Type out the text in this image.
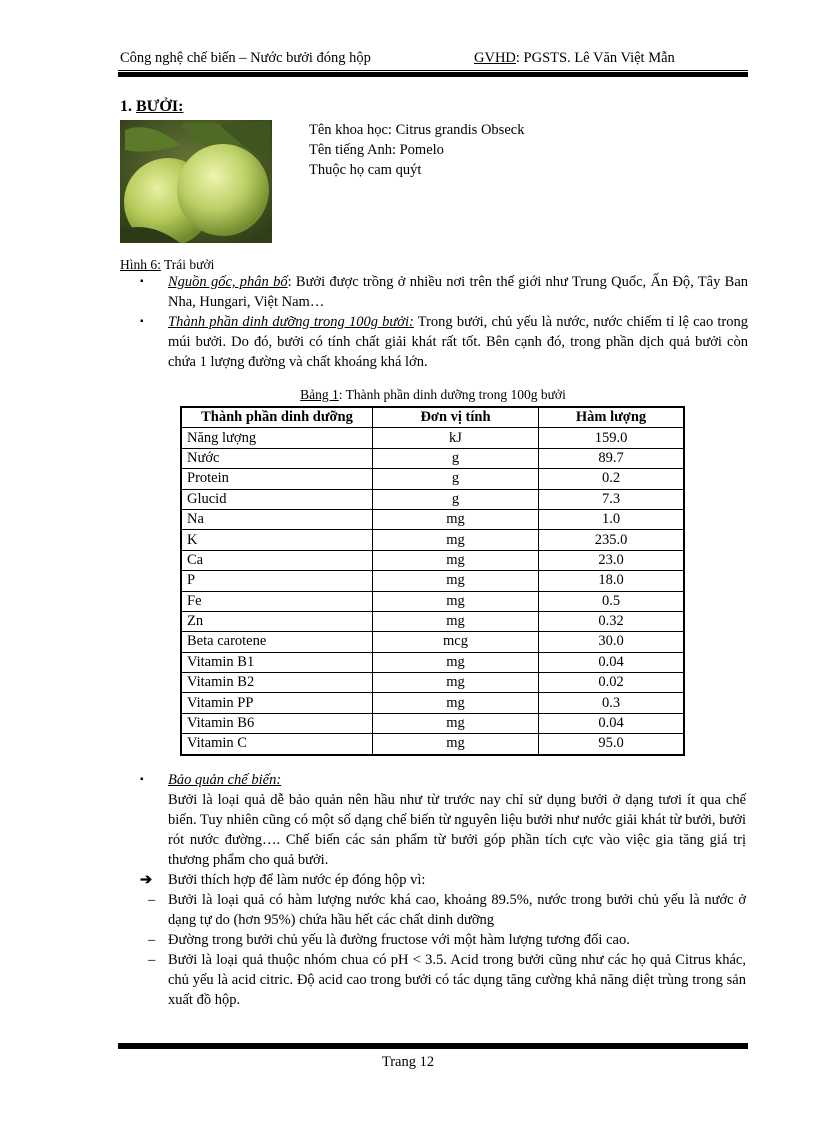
Công nghệ chế biến – Nước bưởi đóng hộp	GVHD: PGSTS. Lê Văn Việt Mẫn
1. BƯỞI:
Tên khoa học: Citrus grandis Obseck
Tên tiếng Anh: Pomelo
Thuộc họ cam quýt
Hình 6: Trái bưởi
▪ Nguồn gốc, phân bố: Bưởi được trồng ở nhiều nơi trên thế giới như Trung Quốc, Ấn Độ, Tây Ban Nha, Hungari, Việt Nam…
▪ Thành phần dinh dưỡng trong 100g bưởi: Trong bưởi, chủ yếu là nước, nước chiếm tỉ lệ cao trong múi bưởi. Do đó, bưởi có tính chất giải khát rất tốt. Bên cạnh đó, trong phần dịch quả bưởi còn chứa 1 lượng đường và chất khoáng khá lớn.
Bảng 1: Thành phần dinh dưỡng trong 100g bưởi
Thành phần dinh dưỡng	Đơn vị tính	Hàm lượng
Năng lượng	kJ	159.0
Nước	g	89.7
Protein	g	0.2
Glucid	g	7.3
Na	mg	1.0
K	mg	235.0
Ca	mg	23.0
P	mg	18.0
Fe	mg	0.5
Zn	mg	0.32
Beta carotene	mcg	30.0
Vitamin B1	mg	0.04
Vitamin B2	mg	0.02
Vitamin PP	mg	0.3
Vitamin B6	mg	0.04
Vitamin C	mg	95.0
▪ Bảo quản chế biến:

Bưởi là loại quả dễ bảo quản nên hầu như từ trước nay chỉ sử dụng bưởi ở dạng tươi ít qua chế biến. Tuy nhiên cũng có một số dạng chế biến từ nguyên liệu bưởi như nước giải khát từ bưởi, bưởi rót nước đường…. Chế biến các sản phẩm từ bưởi góp phần tích cực vào việc gia tăng giá trị thương phẩm cho quả bưởi.

➔ Bưởi thích hợp để làm nước ép đóng hộp vì:
– Bưởi là loại quả có hàm lượng nước khá cao, khoảng 89.5%, nước trong bưởi chủ yếu là nước ở dạng tự do (hơn 95%) chứa hầu hết các chất dinh dưỡng
– Đường trong bưởi chủ yếu là đường fructose với một hàm lượng tương đối cao.
– Bưởi là loại quả thuộc nhóm chua có pH < 3.5. Acid trong bưởi cũng như các họ quả Citrus khác, chủ yếu là acid citric. Độ acid cao trong bưởi có tác dụng tăng cường khả năng diệt trùng trong sản xuất đồ hộp.
Trang 12
